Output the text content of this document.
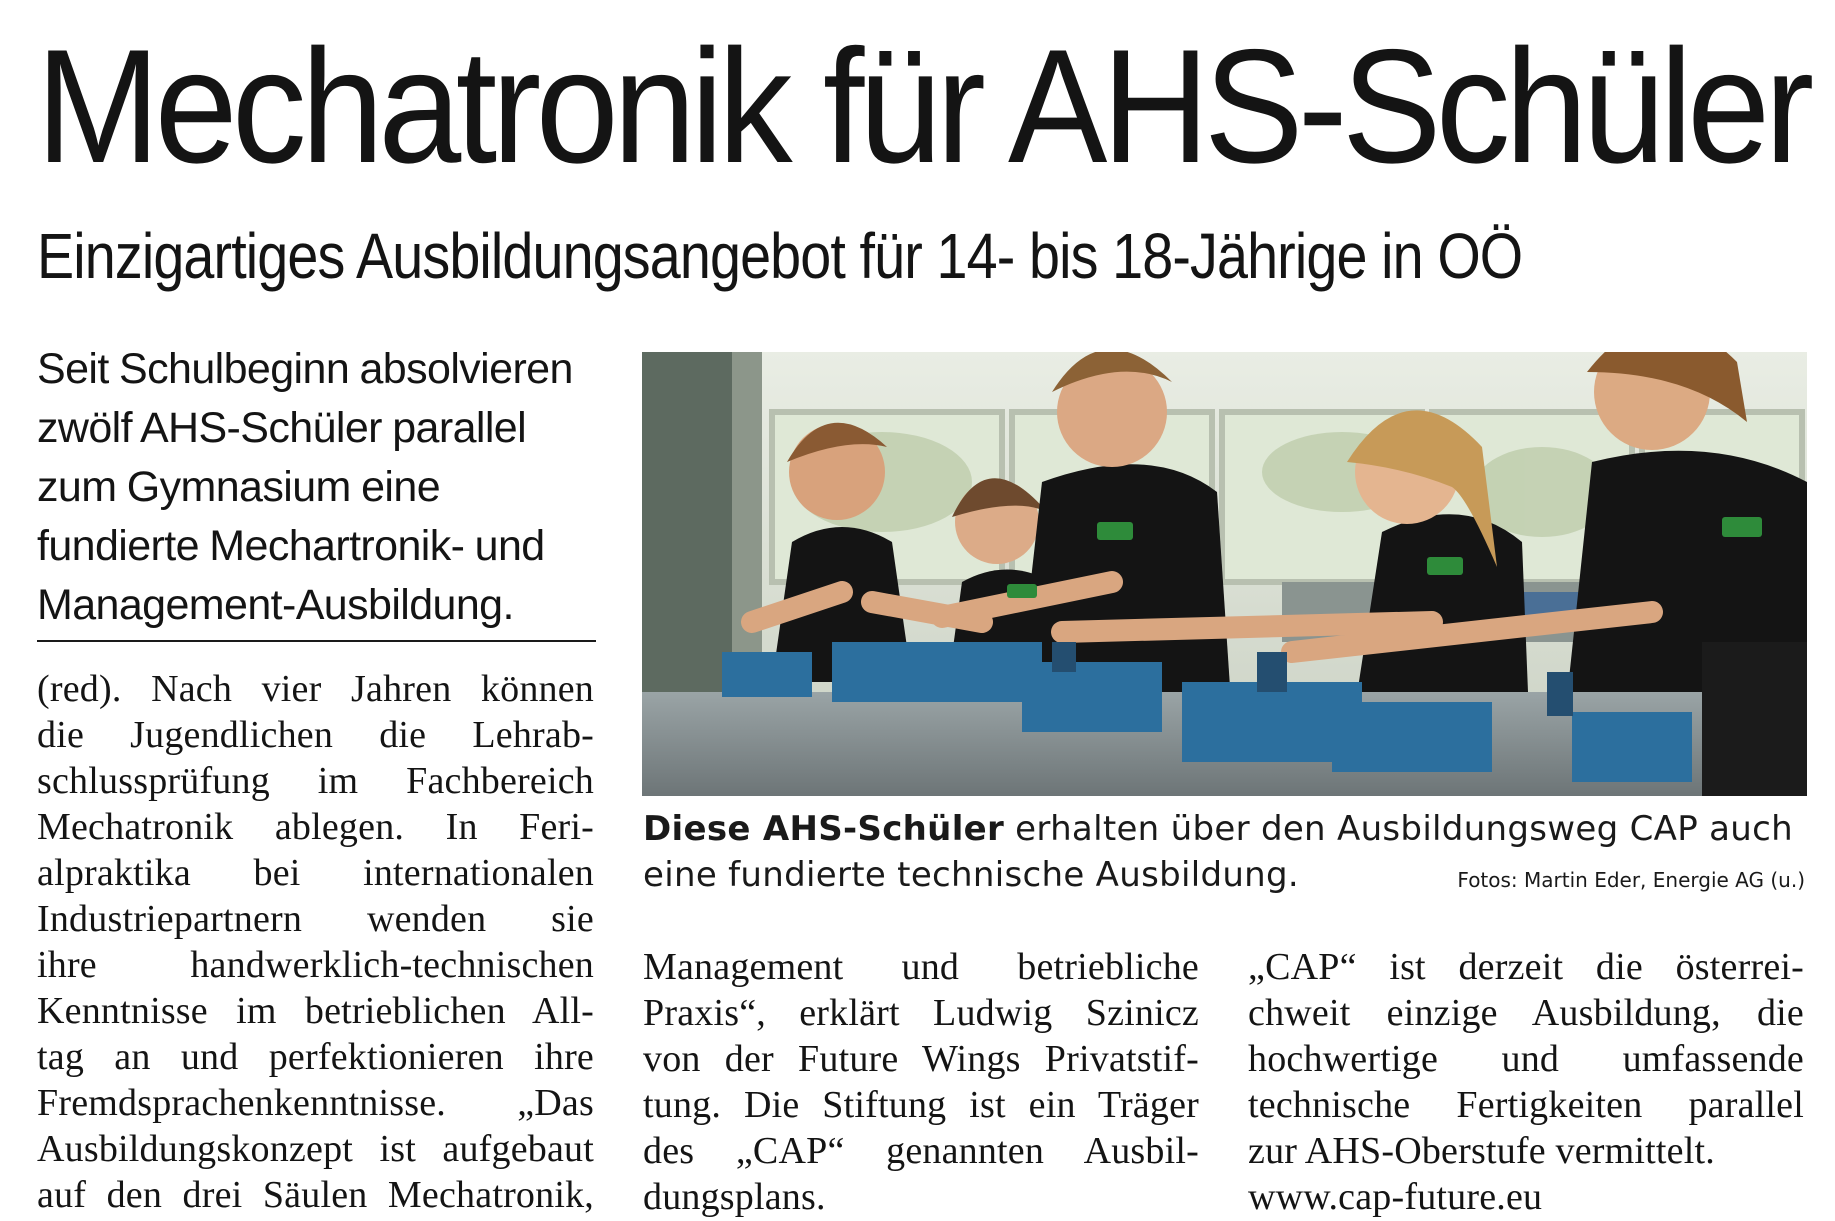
Mechatronik für AHS-Schüler
Einzigartiges Ausbildungsangebot für 14- bis 18-Jährige in OÖ

Seit Schulbeginn absolvieren
zwölf AHS-Schüler parallel
zum Gymnasium eine
fundierte Mechartronik- und
Management-Ausbildung.

(red). Nach vier Jahren können
die Jugendlichen die Lehrab-
schlussprüfung im Fachbereich
Mechatronik ablegen. In Feri-
alpraktika bei internationalen
Industriepartnern wenden sie
ihre handwerklich-technischen
Kenntnisse im betrieblichen All-
tag an und perfektionieren ihre
Fremdsprachenkenntnisse. „Das
Ausbildungskonzept ist aufgebaut
auf den drei Säulen Mechatronik,

Management und betriebliche
Praxis“, erklärt Ludwig Szinicz
von der Future Wings Privatstif-
tung. Die Stiftung ist ein Träger
des „CAP“ genannten Ausbil-
dungsplans.

„CAP“ ist derzeit die österrei-
chweit einzige Ausbildung, die
hochwertige und umfassende
technische Fertigkeiten parallel
zur AHS-Oberstufe vermittelt.
www.cap-future.eu

Diese AHS-Schüler erhalten über den Ausbildungsweg CAP auch
eine fundierte technische Ausbildung.	Fotos: Martin Eder, Energie AG (u.)
